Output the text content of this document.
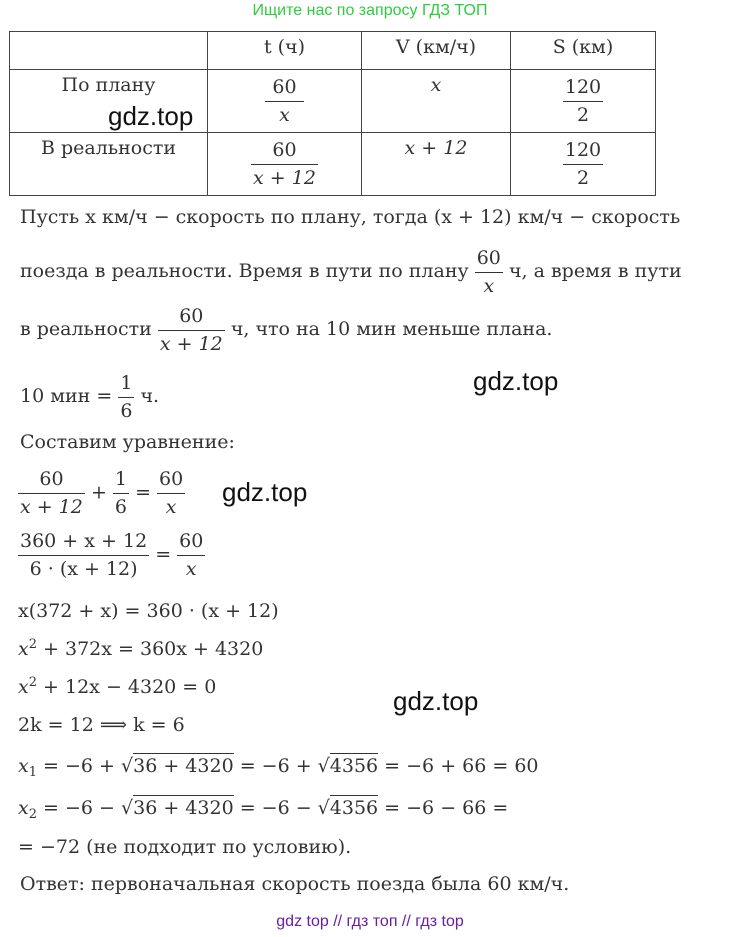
Ищите нас по запросу ГДЗ ТОП
	t (ч)	V (км/ч)	S (км)
По плану	$\frac{60}{x}$	x	$\frac{120}{2}$

В реальности	$\frac{60}{x + 12}$	x + 12	$\frac{120}{2}$
Пусть x км/ч − скорость по плану, тогда (x + 12) км/ч − скорость
поезда в реальности. Время в пути по плану $\frac{60}{x} ч$, а время в пути
в реальности $\frac{60}{x + 12} ч$, что на 10 мин меньше плана.
10 мин = $\frac{1}{6} ч$.
Составим уравнение:
$\frac{60}{x + 12} + \frac{1}{6} = \frac{60}{x}$
$\frac{360 + x + 12}{6 \cdot (x + 12)} = \frac{60}{x}$
x(372 + x) = 360 · (x + 12)
$x^2 + 372x = 360x + 4320$
$x^2 + 12x - 4320 = 0$
2k = 12 ⟹ k = 6
$x_1 = -6 + √36 + 4320 = -6 + √4356 = -6 + 66 = 60$
$x_2 = -6 - √36 + 4320 = -6 - √4356 = -6 - 66$ =
= −72 (не подходит по условию).
Ответ: первоначальная скорость поезда была 60 км/ч.
gdz.top
gdz.top
gdz.top
gdz.top
gdz top // гдз топ // гдз top
